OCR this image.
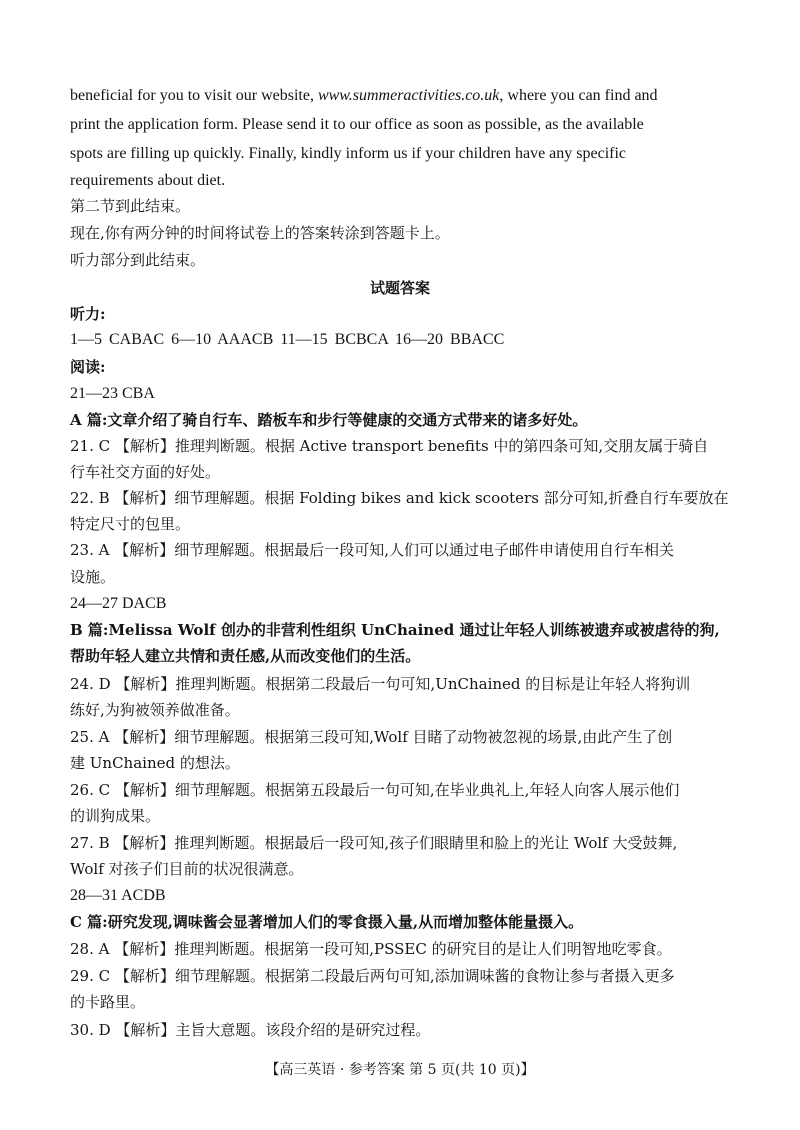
beneficial for you to visit our website, www.summeractivities.co.uk, where you can find and
print the application form. Please send it to our office as soon as possible, as the available
spots are filling up quickly. Finally, kindly inform us if your children have any specific
requirements about diet.
第二节到此结束。
现在,你有两分钟的时间将试卷上的答案转涂到答题卡上。
听力部分到此结束。
试题答案
听力:
1—5 CABAC 6—10 AAACB 11—15 BCBCA 16—20 BBACC
阅读:
21—23 CBA
A 篇:文章介绍了骑自行车、踏板车和步行等健康的交通方式带来的诸多好处。
21. C 【解析】推理判断题。根据 Active transport benefits 中的第四条可知,交朋友属于骑自
行车社交方面的好处。
22. B 【解析】细节理解题。根据 Folding bikes and kick scooters 部分可知,折叠自行车要放在
特定尺寸的包里。
23. A 【解析】细节理解题。根据最后一段可知,人们可以通过电子邮件申请使用自行车相关
设施。
24—27 DACB
B 篇:Melissa Wolf 创办的非营利性组织 UnChained 通过让年轻人训练被遗弃或被虐待的狗,
帮助年轻人建立共情和责任感,从而改变他们的生活。
24. D 【解析】推理判断题。根据第二段最后一句可知,UnChained 的目标是让年轻人将狗训
练好,为狗被领养做准备。
25. A 【解析】细节理解题。根据第三段可知,Wolf 目睹了动物被忽视的场景,由此产生了创
建 UnChained 的想法。
26. C 【解析】细节理解题。根据第五段最后一句可知,在毕业典礼上,年轻人向客人展示他们
的训狗成果。
27. B 【解析】推理判断题。根据最后一段可知,孩子们眼睛里和脸上的光让 Wolf 大受鼓舞,
Wolf 对孩子们目前的状况很满意。
28—31 ACDB
C 篇:研究发现,调味酱会显著增加人们的零食摄入量,从而增加整体能量摄入。
28. A 【解析】推理判断题。根据第一段可知,PSSEC 的研究目的是让人们明智地吃零食。
29. C 【解析】细节理解题。根据第二段最后两句可知,添加调味酱的食物让参与者摄入更多
的卡路里。
30. D 【解析】主旨大意题。该段介绍的是研究过程。
【高三英语 · 参考答案 第 5 页(共 10 页)】
